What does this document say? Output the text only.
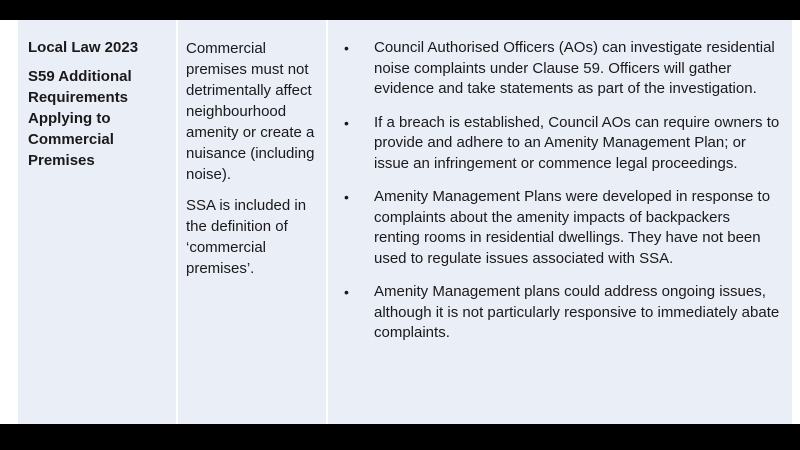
Local Law 2023

S59 Additional Requirements Applying to Commercial Premises

Commercial premises must not detrimentally affect neighbourhood amenity or create a nuisance (including noise).

SSA is included in the definition of ‘commercial premises’.

• Council Authorised Officers (AOs) can investigate residential noise complaints under Clause 59. Officers will gather evidence and take statements as part of the investigation.
• If a breach is established, Council AOs can require owners to provide and adhere to an Amenity Management Plan; or issue an infringement or commence legal proceedings.
• Amenity Management Plans were developed in response to complaints about the amenity impacts of backpackers renting rooms in residential dwellings. They have not been used to regulate issues associated with SSA.
• Amenity Management plans could address ongoing issues, although it is not particularly responsive to immediately abate complaints.
